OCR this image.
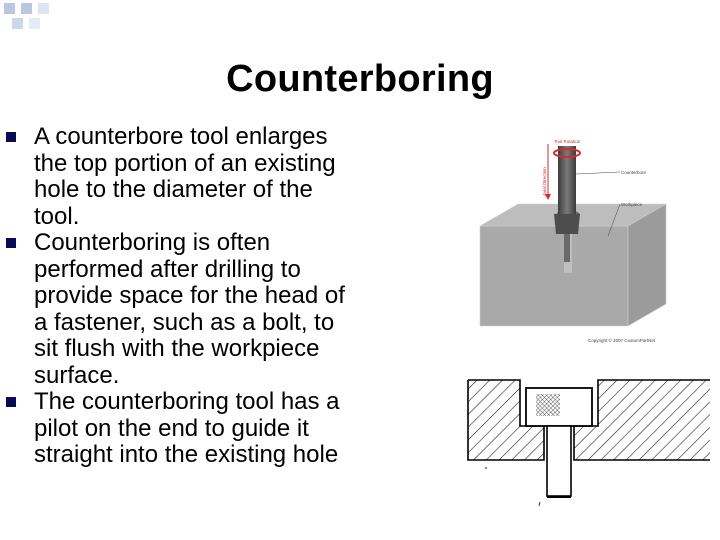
Counterboring
A counterbore tool enlarges
the top portion of an existing
hole to the diameter of the
tool.
Counterboring is often
performed after drilling to
provide space for the head of
a fastener, such as a bolt, to
sit flush with the workpiece
surface.
The counterboring tool has a
pilot on the end to guide it
straight into the existing hole
Tool Rotation
Axial Direction	Counterbore
Workpiece
Copyright © 2007 CustomPartNet
